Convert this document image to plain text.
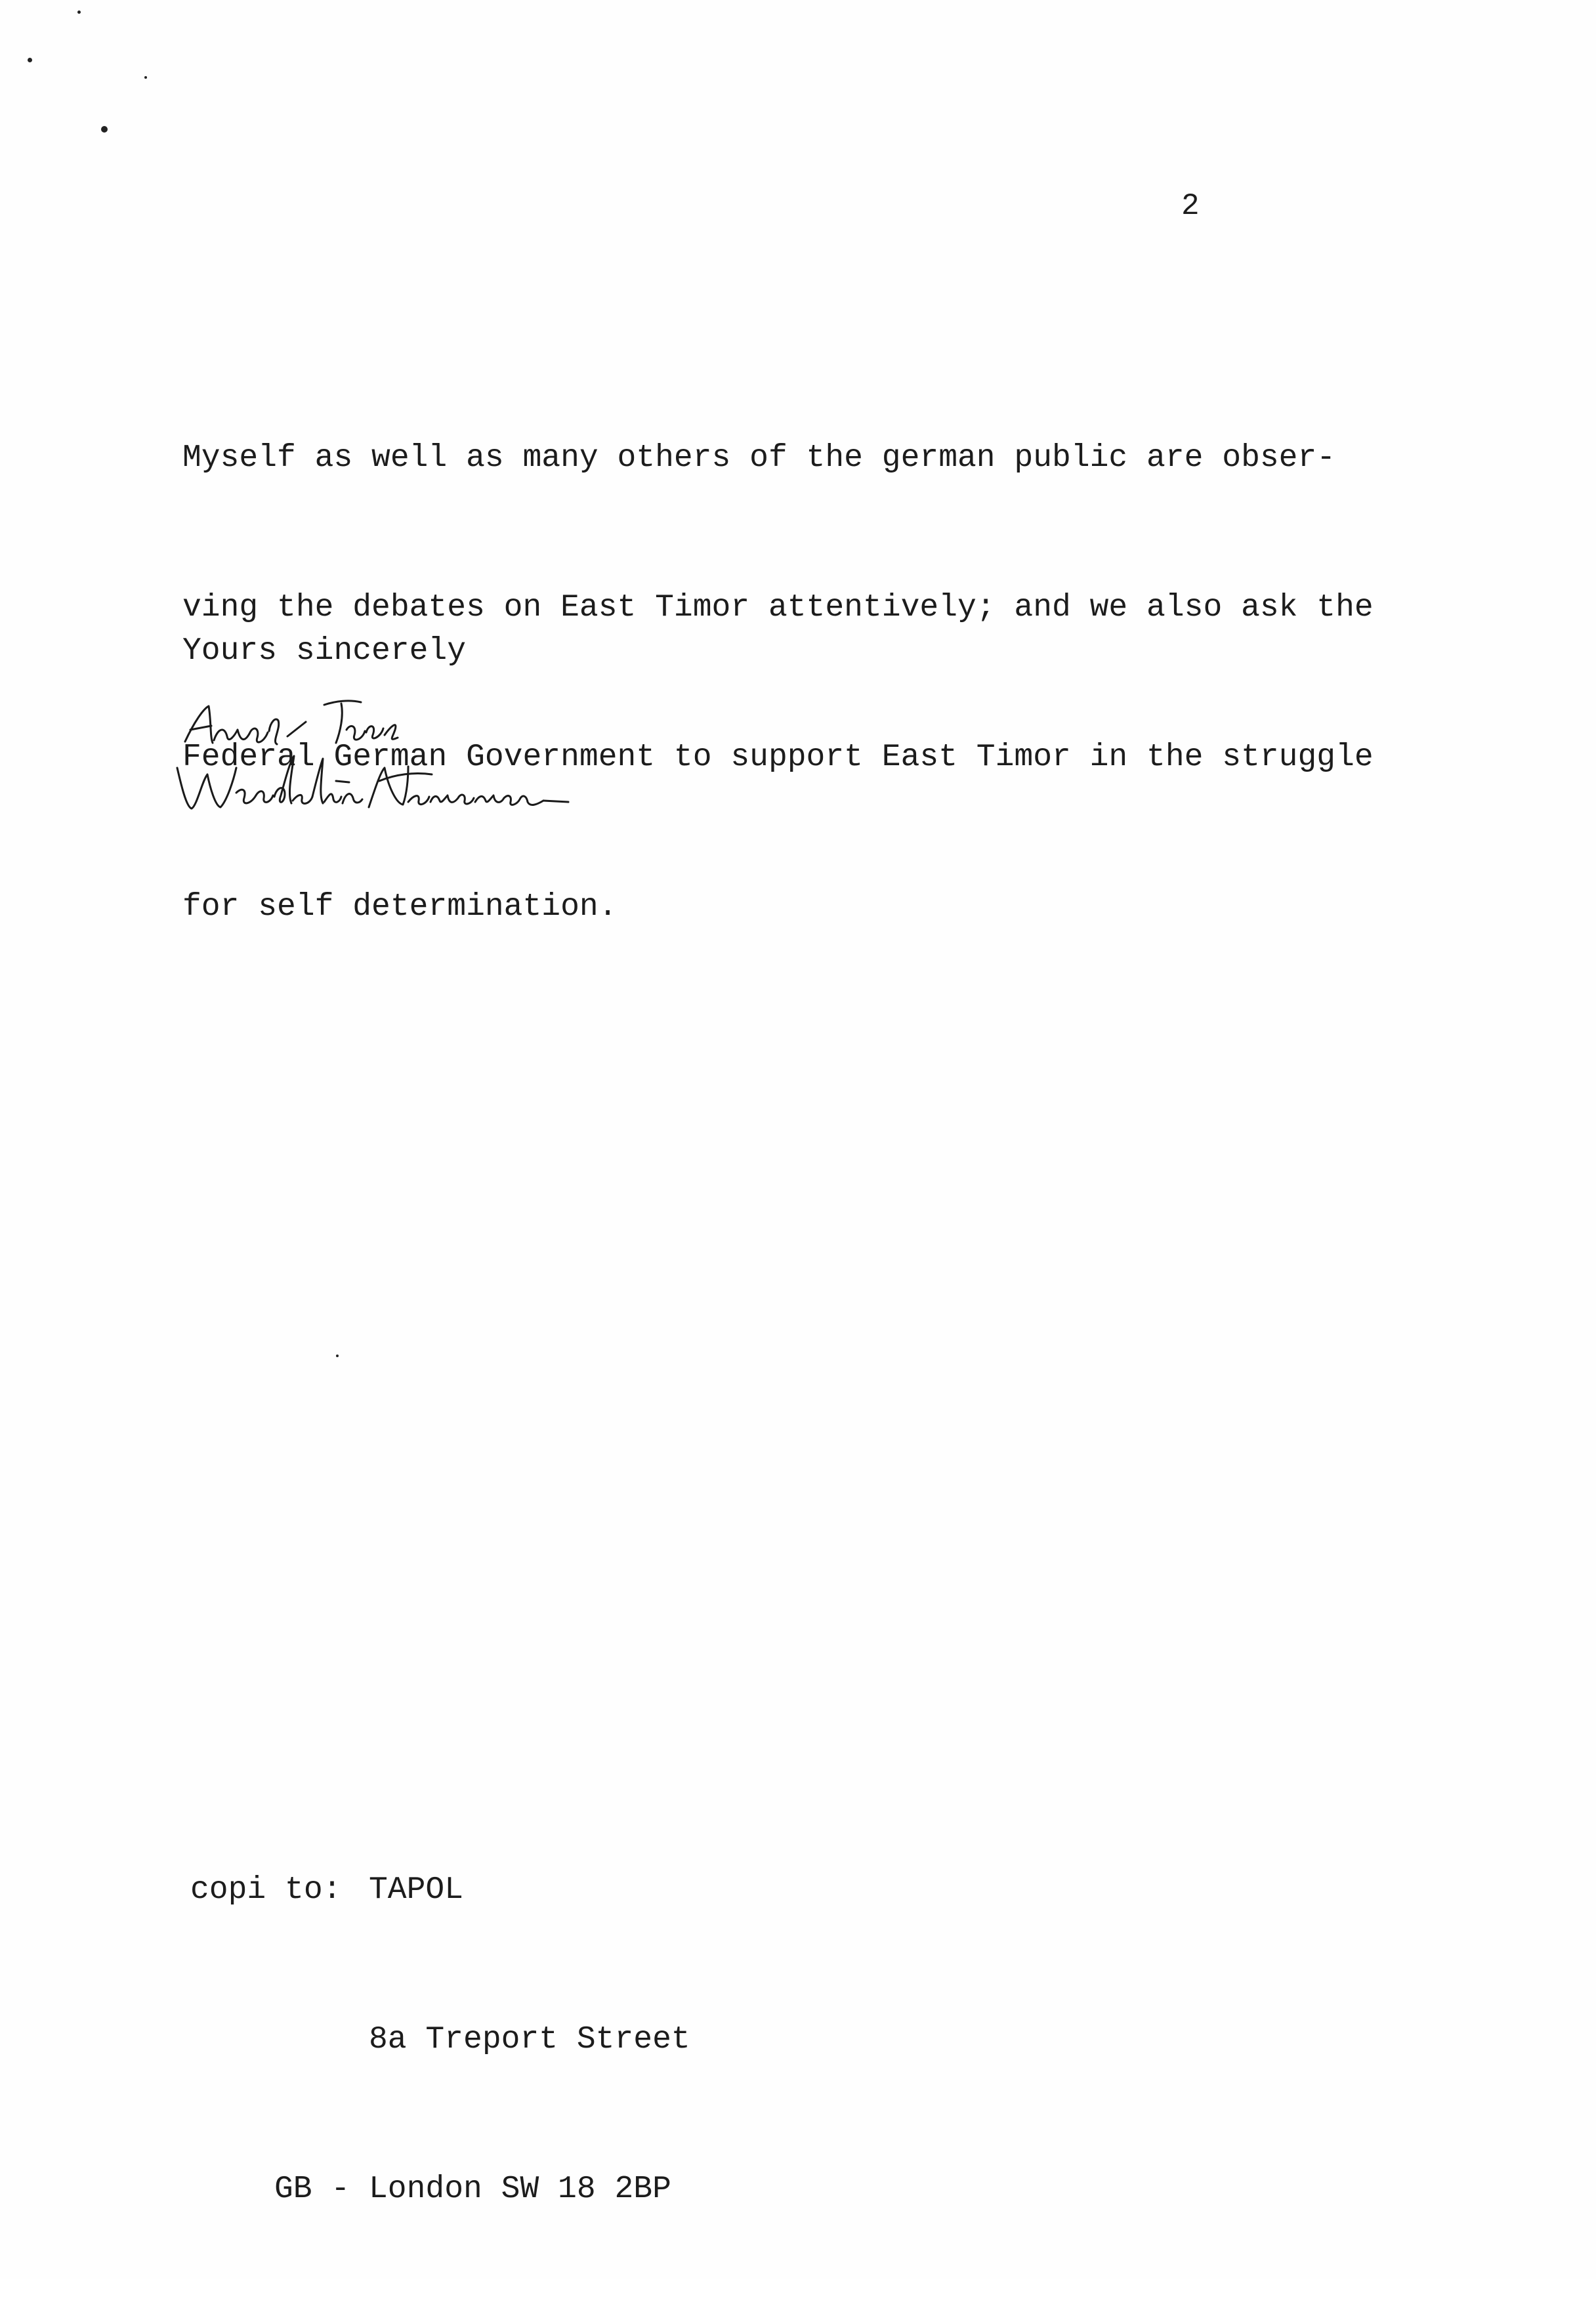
2

Myself as well as many others of the german public are obser-

ving the debates on East Timor attentively; and we also ask the

Federal German Government to support East Timor in the struggle

for self determination.

Yours sincerely

copi to: TAPOL

8a Treport Street

GB - London SW 18 2BP
